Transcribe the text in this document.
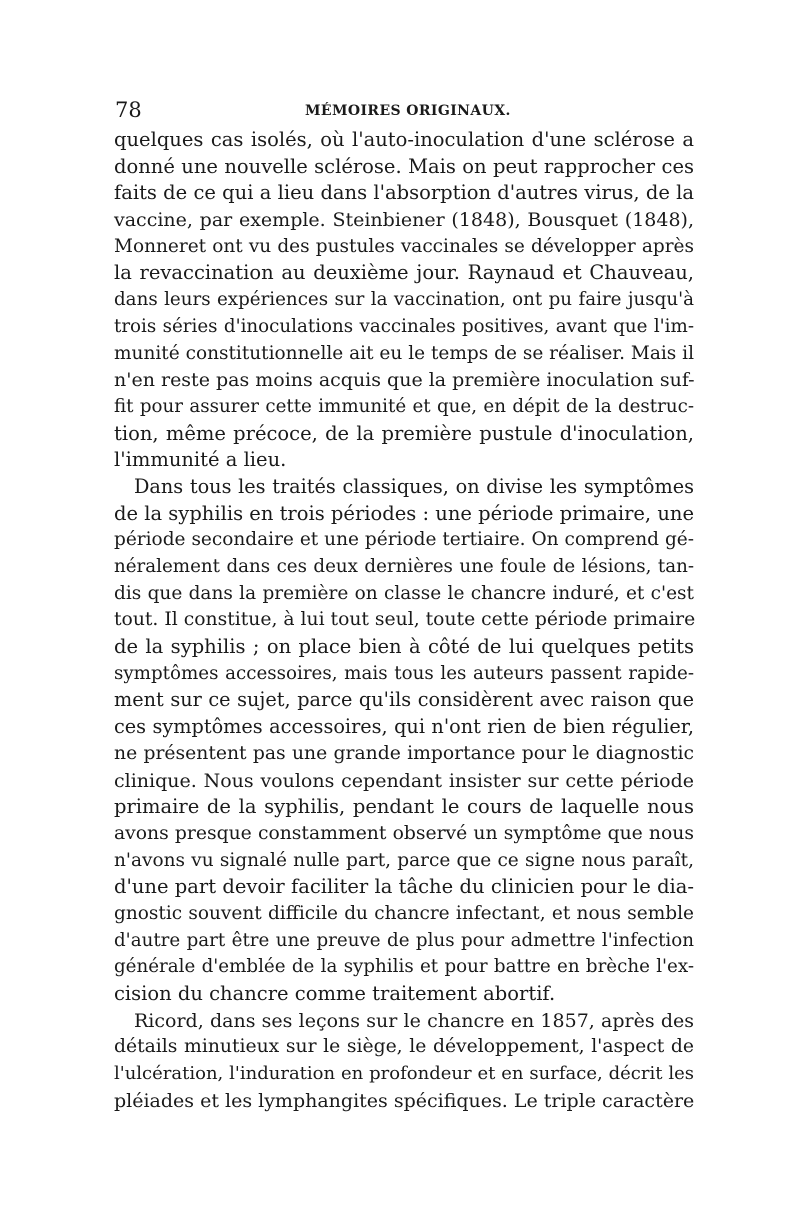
78	MÉMOIRES ORIGINAUX.
quelques cas isolés, où l'auto-inoculation d'une sclérose a
donné une nouvelle sclérose. Mais on peut rapprocher ces
faits de ce qui a lieu dans l'absorption d'autres virus, de la
vaccine, par exemple. Steinbiener (1848), Bousquet (1848),
Monneret ont vu des pustules vaccinales se développer après
la revaccination au deuxième jour. Raynaud et Chauveau,
dans leurs expériences sur la vaccination, ont pu faire jusqu'à
trois séries d'inoculations vaccinales positives, avant que l'im-
munité constitutionnelle ait eu le temps de se réaliser. Mais il
n'en reste pas moins acquis que la première inoculation suf-
fit pour assurer cette immunité et que, en dépit de la destruc-
tion, même précoce, de la première pustule d'inoculation,
l'immunité a lieu.
Dans tous les traités classiques, on divise les symptômes
de la syphilis en trois périodes : une période primaire, une
période secondaire et une période tertiaire. On comprend gé-
néralement dans ces deux dernières une foule de lésions, tan-
dis que dans la première on classe le chancre induré, et c'est
tout. Il constitue, à lui tout seul, toute cette période primaire
de la syphilis ; on place bien à côté de lui quelques petits
symptômes accessoires, mais tous les auteurs passent rapide-
ment sur ce sujet, parce qu'ils considèrent avec raison que
ces symptômes accessoires, qui n'ont rien de bien régulier,
ne présentent pas une grande importance pour le diagnostic
clinique. Nous voulons cependant insister sur cette période
primaire de la syphilis, pendant le cours de laquelle nous
avons presque constamment observé un symptôme que nous
n'avons vu signalé nulle part, parce que ce signe nous paraît,
d'une part devoir faciliter la tâche du clinicien pour le dia-
gnostic souvent difficile du chancre infectant, et nous semble
d'autre part être une preuve de plus pour admettre l'infection
générale d'emblée de la syphilis et pour battre en brèche l'ex-
cision du chancre comme traitement abortif.
Ricord, dans ses leçons sur le chancre en 1857, après des
détails minutieux sur le siège, le développement, l'aspect de
l'ulcération, l'induration en profondeur et en surface, décrit les
pléiades et les lymphangites spécifiques. Le triple caractère
